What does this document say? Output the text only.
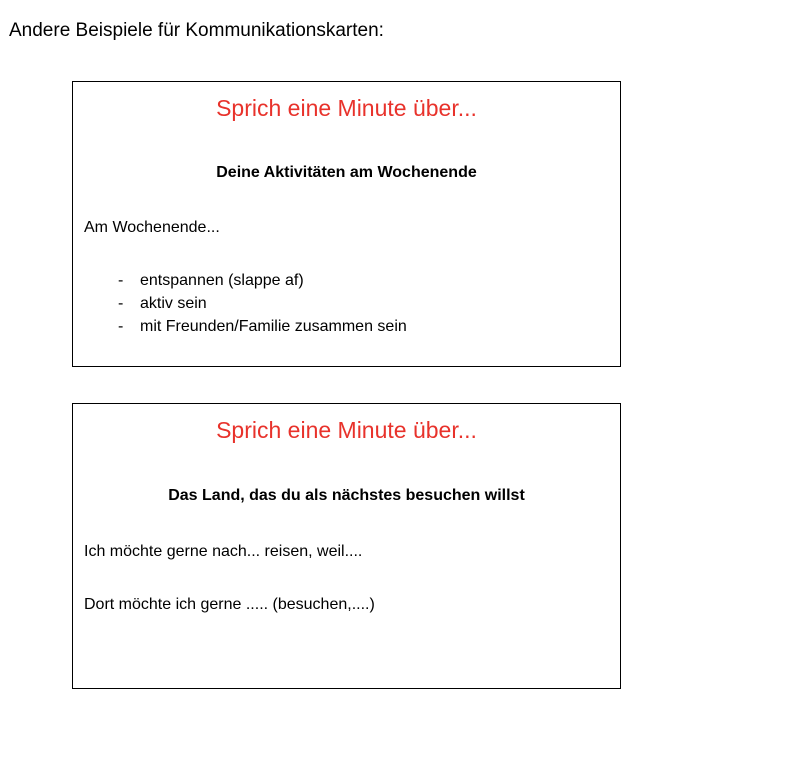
Andere Beispiele für Kommunikationskarten:
Sprich eine Minute über...
Deine Aktivitäten am Wochenende
Am Wochenende...
- entspannen (slappe af)
- aktiv sein
- mit Freunden/Familie zusammen sein
Sprich eine Minute über...
Das Land, das du als nächstes besuchen willst
Ich möchte gerne nach... reisen, weil....
Dort möchte ich gerne ..... (besuchen,....)
